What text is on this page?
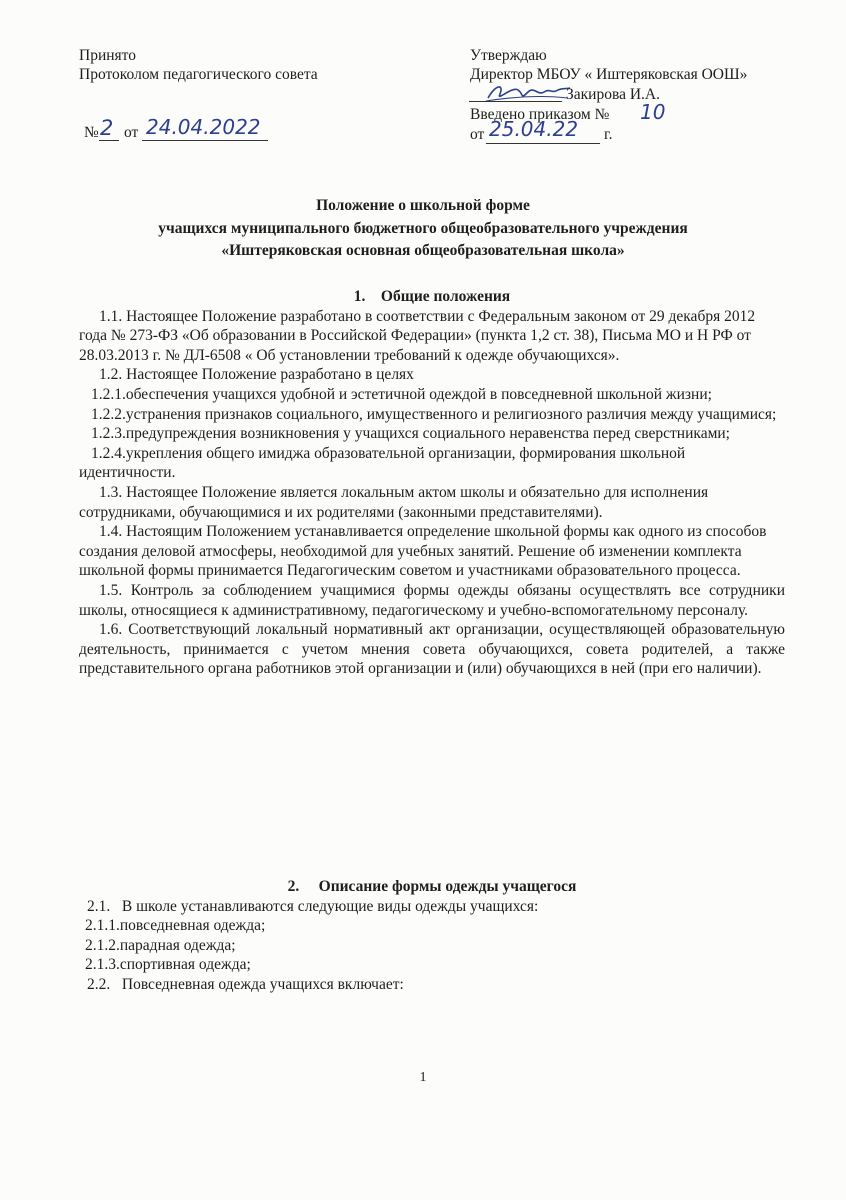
Принято
Протоколом педагогического совета
№ 2 от 24.04.2022
Утверждаю
Директор МБОУ « Иштеряковская ООШ»
Закирова И.А.
Введено приказом № 10
от 25.04.22 г.
Положение о школьной форме
учащихся муниципального бюджетного общеобразовательного учреждения
«Иштеряковская основная общеобразовательная школа»

1.    Общие положения

1.1. Настоящее Положение разработано в соответствии с Федеральным законом от 29 декабря 2012 года № 273-ФЗ «Об образовании в Российской Федерации» (пункта 1,2 ст. 38), Письма МО и Н РФ от 28.03.2013 г. № ДЛ-6508 « Об установлении требований к одежде обучающихся».

1.2. Настоящее Положение разработано в целях

1.2.1.обеспечения учащихся удобной и эстетичной одеждой в повседневной школьной жизни;

1.2.2.устранения признаков социального, имущественного и религиозного различия между учащимися;

1.2.3.предупреждения возникновения у учащихся социального неравенства перед сверстниками;

1.2.4.укрепления общего имиджа образовательной организации, формирования школьной идентичности.

1.3. Настоящее Положение является локальным актом школы и обязательно для исполнения сотрудниками, обучающимися и их родителями (законными представителями).

1.4. Настоящим Положением устанавливается определение школьной формы как одного из способов создания деловой атмосферы, необходимой для учебных занятий. Решение об изменении комплекта школьной формы принимается Педагогическим советом и участниками образовательного процесса.

1.5. Контроль за соблюдением учащимися формы одежды обязаны осуществлять все сотрудники школы, относящиеся к административному, педагогическому и учебно-вспомогательному персоналу.

1.6. Соответствующий локальный нормативный акт организации, осуществляющей образовательную деятельность, принимается с учетом мнения совета обучающихся, совета родителей, а также представительного органа работников этой организации и (или) обучающихся в ней (при его наличии).

2.     Описание формы одежды учащегося

2.1.   В школе устанавливаются следующие виды одежды учащихся:

2.1.1.повседневная одежда;

2.1.2.парадная одежда;

2.1.3.спортивная одежда;

2.2.   Повседневная одежда учащихся включает:

1
